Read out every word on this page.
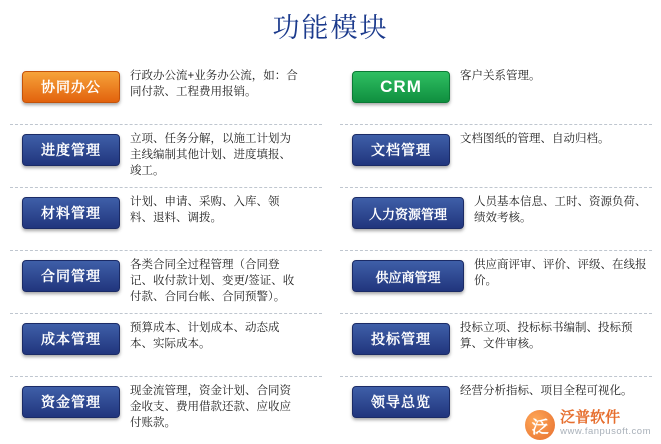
功能模块
协同办公
行政办公流+业务办公流，如：合同付款、工程费用报销。
进度管理
立项、任务分解，以施工计划为主线编制其他计划、进度填报、竣工。
材料管理
计划、申请、采购、入库、领料、退料、调拨。
合同管理
各类合同全过程管理（合同登记、收付款计划、变更/签证、收付款、合同台帐、合同预警）。
成本管理
预算成本、计划成本、动态成本、实际成本。
资金管理
现金流管理，资金计划、合同资金收支、费用借款还款、应收应付账款。
CRM
客户关系管理。
文档管理
文档图纸的管理、自动归档。
人力资源管理
人员基本信息、工时、资源负荷、绩效考核。
供应商管理
供应商评审、评价、评级、在线报价。
投标管理
投标立项、投标标书编制、投标预算、文件审核。
领导总览
经营分析指标、项目全程可视化。
泛 泛普软件
www.fanpusoft.com
